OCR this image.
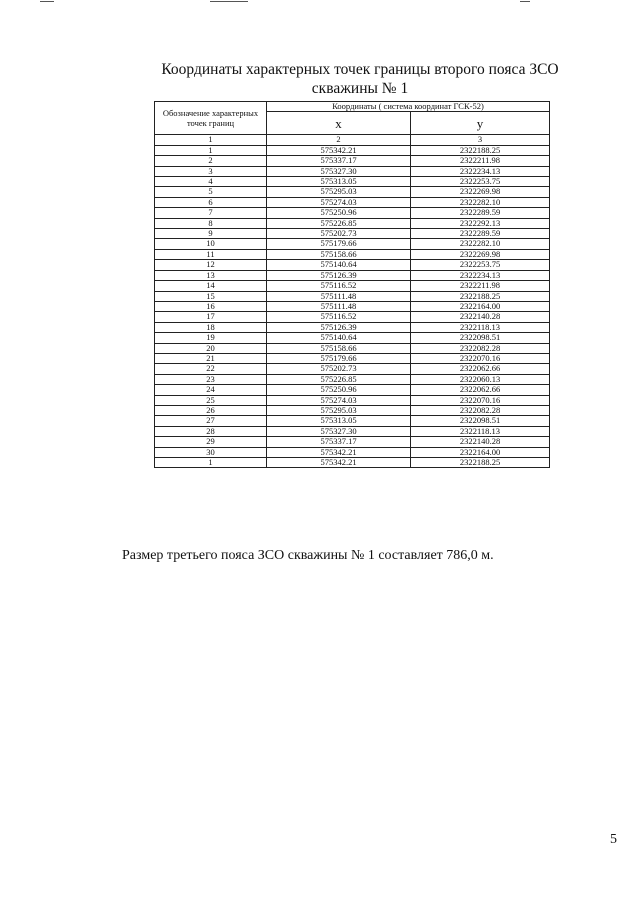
Координаты характерных точек границы второго пояса ЗСО
скважины № 1
Обозначение характерных точек границ	Координаты ( система координат ГСК-52)	
	x	y
1	2	3
1	575342.21	2322188.25
2	575337.17	2322211.98
3	575327.30	2322234.13
4	575313.05	2322253.75
5	575295.03	2322269.98
6	575274.03	2322282.10
7	575250.96	2322289.59
8	575226.85	2322292.13
9	575202.73	2322289.59
10	575179.66	2322282.10
11	575158.66	2322269.98
12	575140.64	2322253.75
13	575126.39	2322234.13
14	575116.52	2322211.98
15	575111.48	2322188.25
16	575111.48	2322164.00
17	575116.52	2322140.28
18	575126.39	2322118.13
19	575140.64	2322098.51
20	575158.66	2322082.28
21	575179.66	2322070.16
22	575202.73	2322062.66
23	575226.85	2322060.13
24	575250.96	2322062.66
25	575274.03	2322070.16
26	575295.03	2322082.28
27	575313.05	2322098.51
28	575327.30	2322118.13
29	575337.17	2322140.28
30	575342.21	2322164.00
1	575342.21	2322188.25
Размер третьего пояса ЗСО скважины № 1 составляет 786,0 м.
5
